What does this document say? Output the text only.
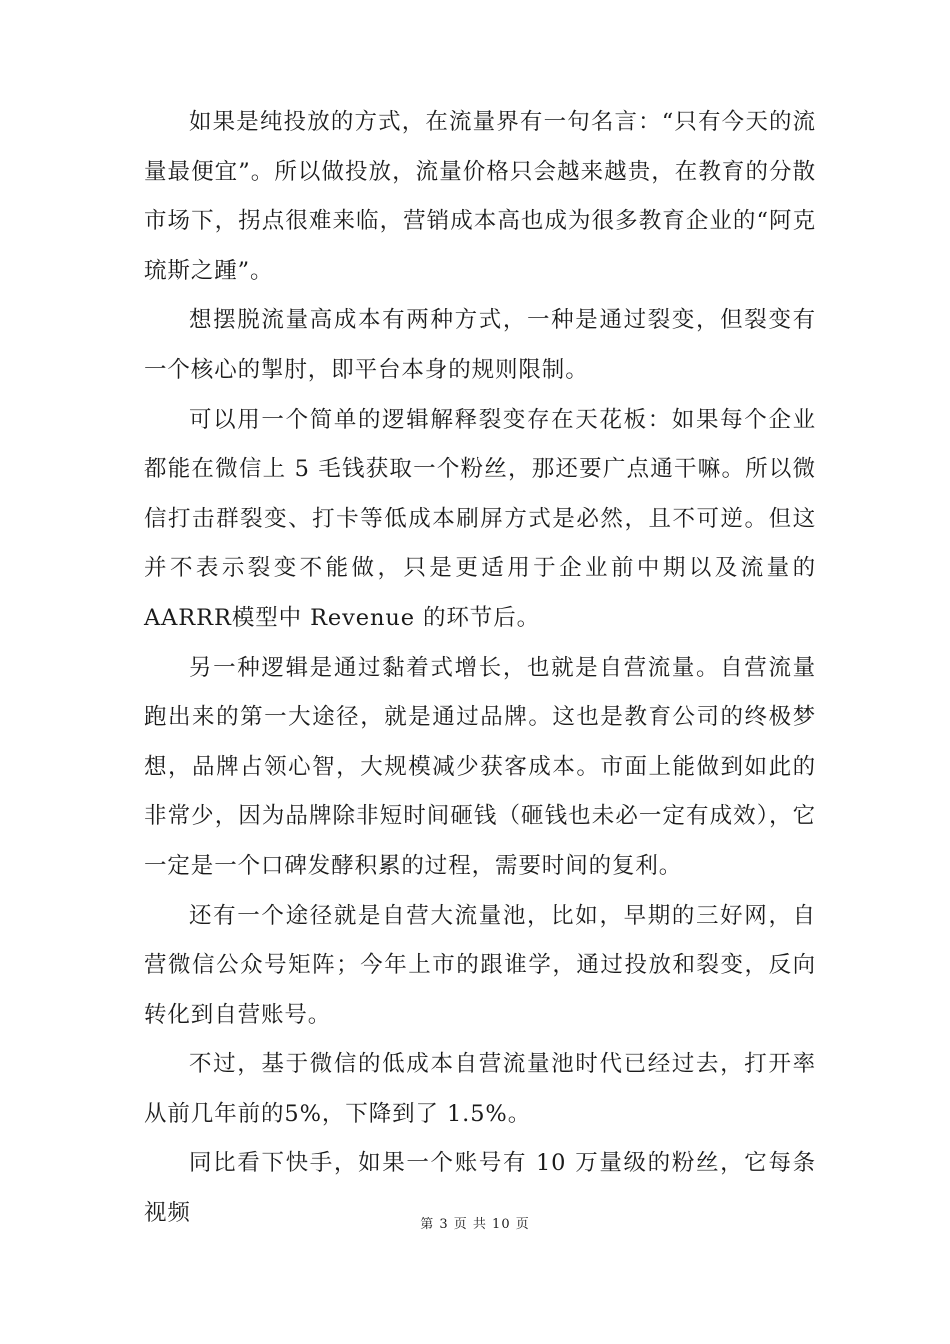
如果是纯投放的方式，在流量界有一句名言：“只有今天的流量最便宜”。所以做投放，流量价格只会越来越贵，在教育的分散市场下，拐点很难来临，营销成本高也成为很多教育企业的“阿克琉斯之踵”。

想摆脱流量高成本有两种方式，一种是通过裂变，但裂变有一个核心的掣肘，即平台本身的规则限制。

可以用一个简单的逻辑解释裂变存在天花板：如果每个企业都能在微信上 5 毛钱获取一个粉丝，那还要广点通干嘛。所以微信打击群裂变、打卡等低成本刷屏方式是必然，且不可逆。但这并不表示裂变不能做，只是更适用于企业前中期以及流量的AARRR模型中 Revenue 的环节后。

另一种逻辑是通过黏着式增长，也就是自营流量。自营流量跑出来的第一大途径，就是通过品牌。这也是教育公司的终极梦想，品牌占领心智，大规模减少获客成本。市面上能做到如此的非常少，因为品牌除非短时间砸钱（砸钱也未必一定有成效），它一定是一个口碑发酵积累的过程，需要时间的复利。

还有一个途径就是自营大流量池，比如，早期的三好网，自营微信公众号矩阵；今年上市的跟谁学，通过投放和裂变，反向转化到自营账号。

不过，基于微信的低成本自营流量池时代已经过去，打开率从前几年前的5%，下降到了 1.5%。

同比看下快手，如果一个账号有 10 万量级的粉丝，它每条视频	第 3 页 共 10 页
